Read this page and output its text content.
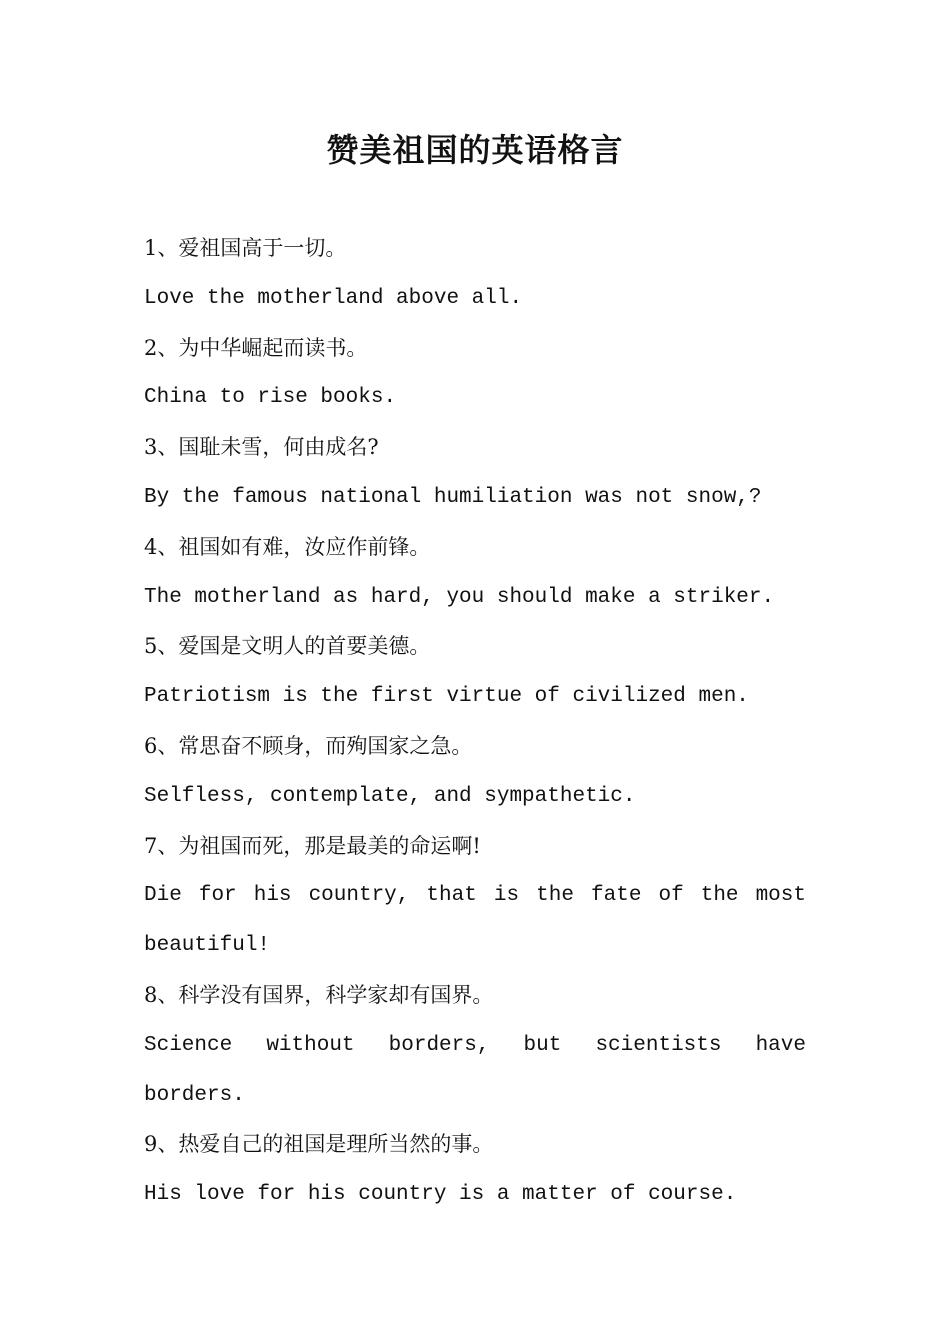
赞美祖国的英语格言

1、爱祖国高于一切。

Love the motherland above all.

2、为中华崛起而读书。

China to rise books.

3、国耻未雪，何由成名?

By the famous national humiliation was not snow,?

4、祖国如有难，汝应作前锋。

The motherland as hard, you should make a striker.

5、爱国是文明人的首要美德。

Patriotism is the first virtue of civilized men.

6、常思奋不顾身，而殉国家之急。

Selfless, contemplate, and sympathetic.

7、为祖国而死，那是最美的命运啊!

Die for his country, that is the fate of the most beautiful!

8、科学没有国界，科学家却有国界。

Science without borders, but scientists have borders.

9、热爱自己的祖国是理所当然的事。

His love for his country is a matter of course.
